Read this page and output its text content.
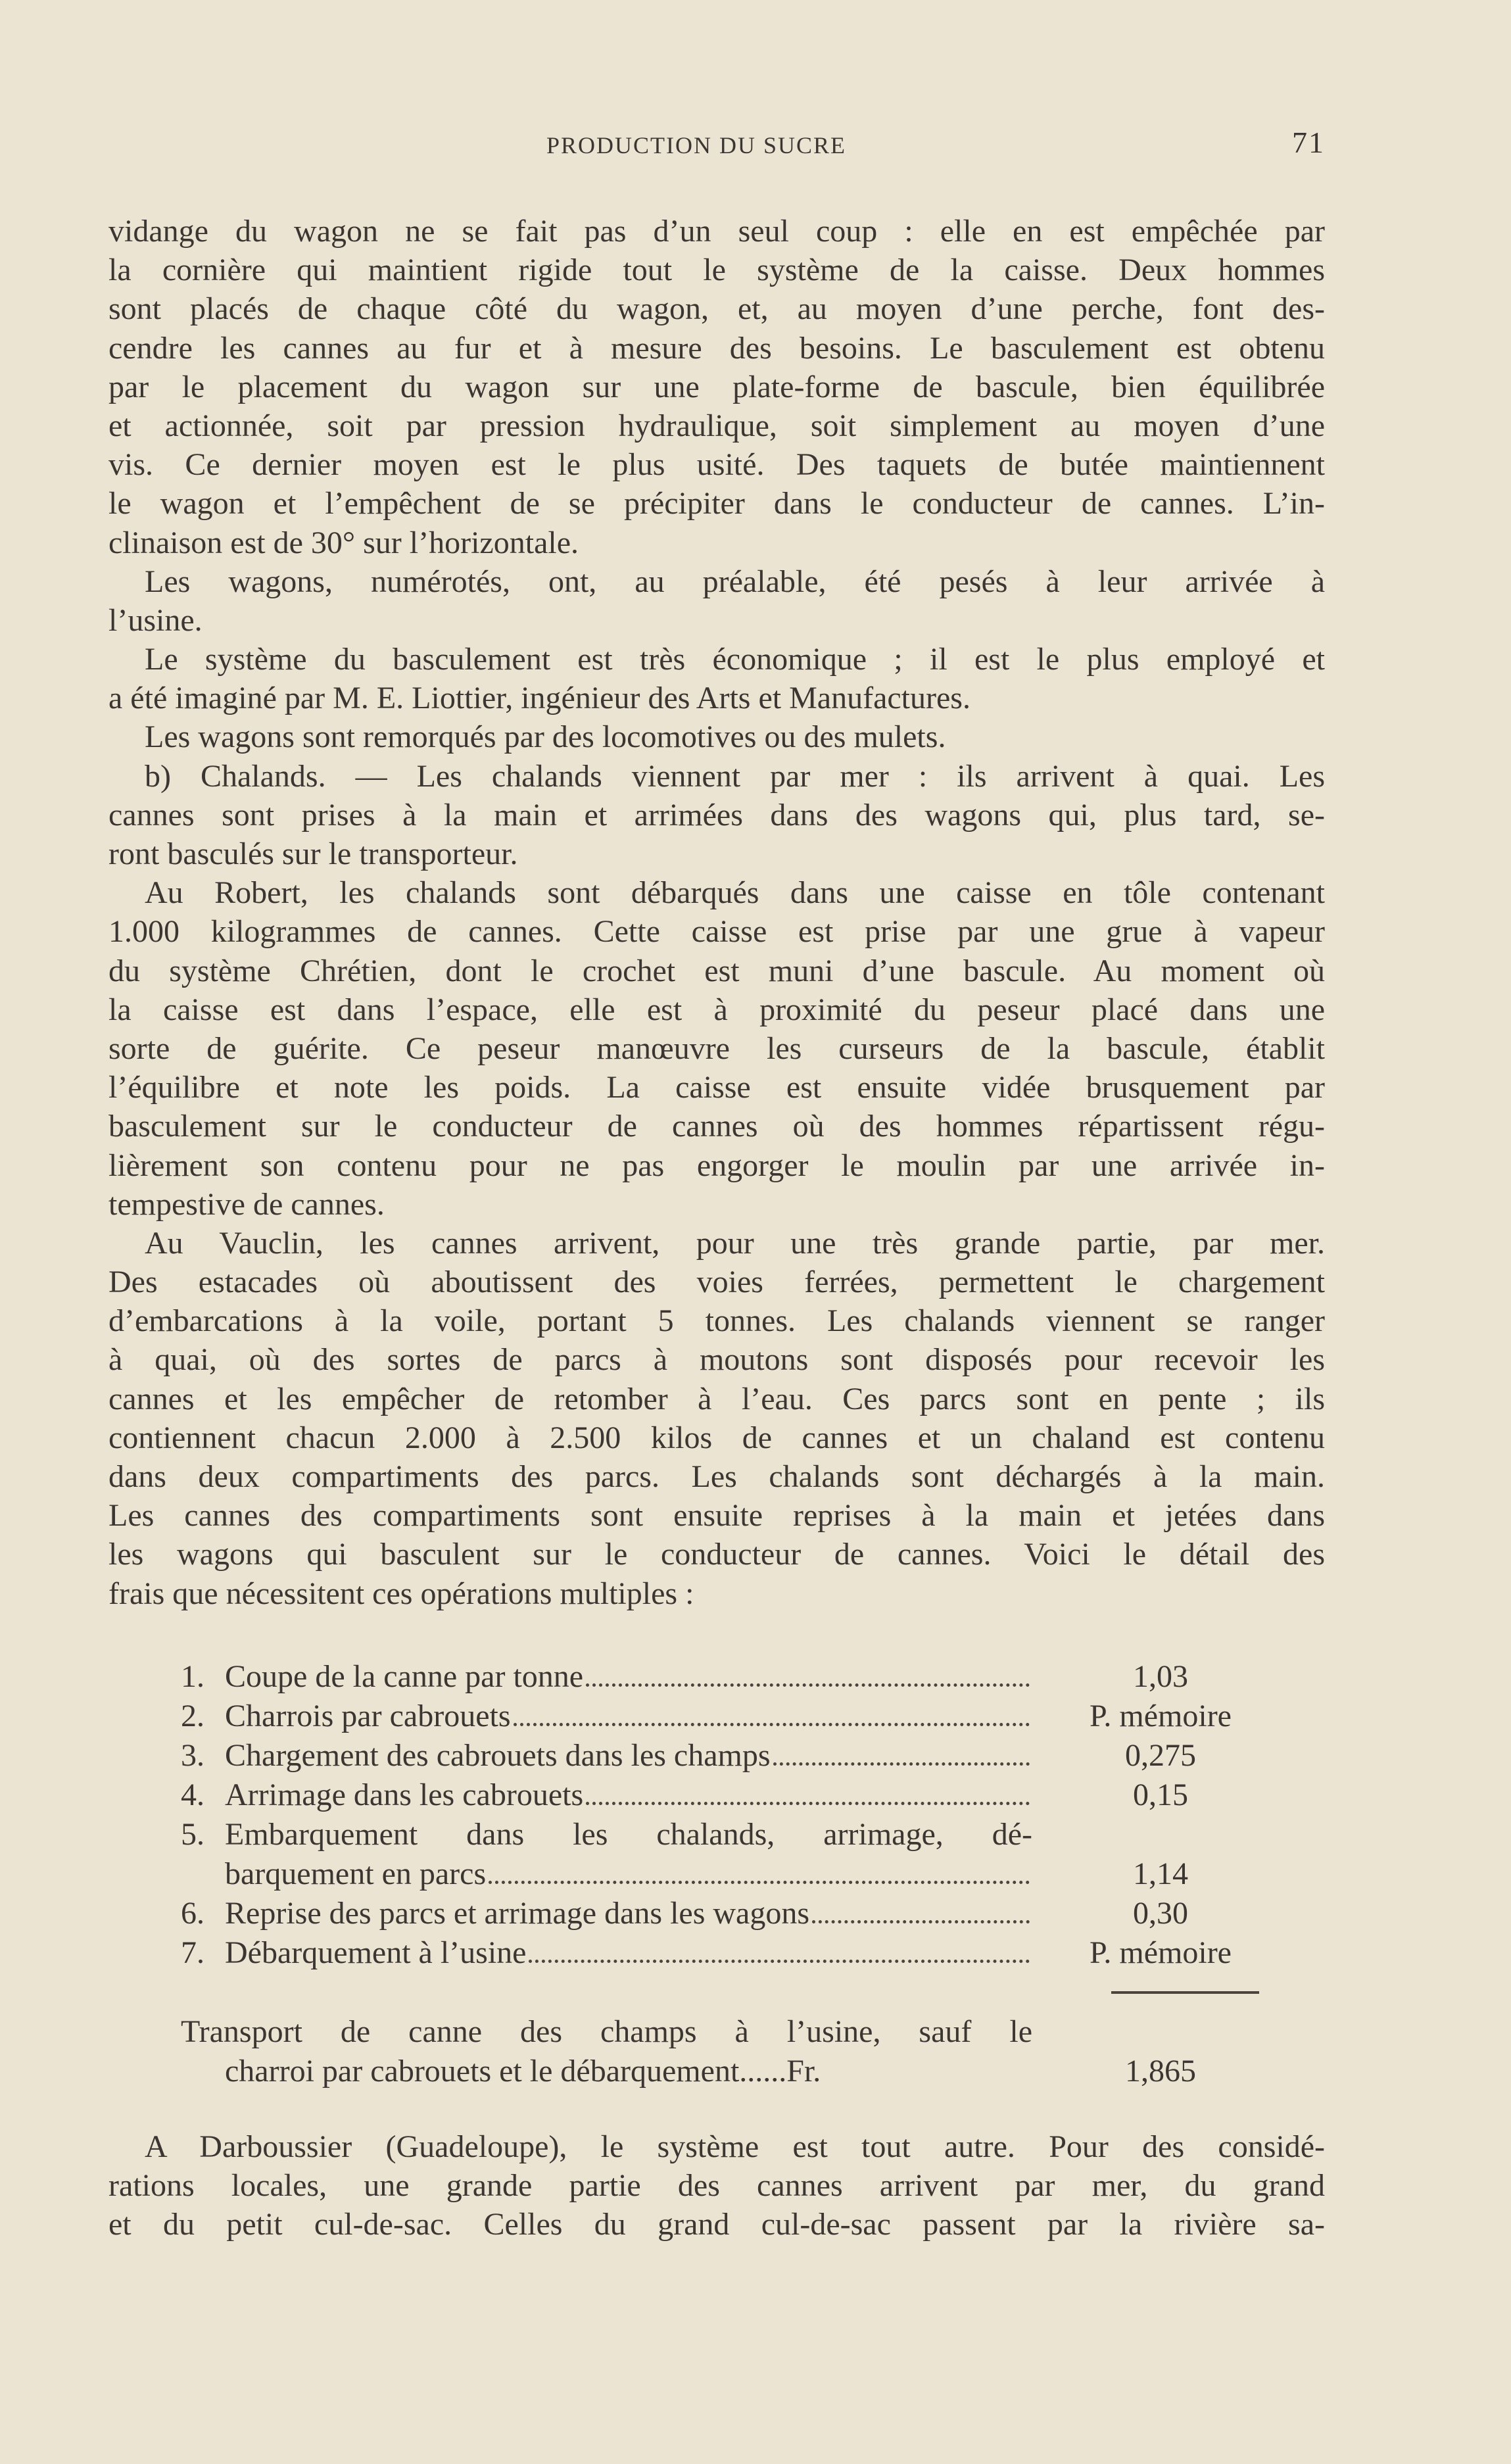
PRODUCTION DU SUCRE	71
vidange du wagon ne se fait pas d’un seul coup : elle en est empêchée par
la cornière qui maintient rigide tout le système de la caisse. Deux hommes
sont placés de chaque côté du wagon, et, au moyen d’une perche, font des-
cendre les cannes au fur et à mesure des besoins. Le basculement est obtenu
par le placement du wagon sur une plate-forme de bascule, bien équilibrée
et actionnée, soit par pression hydraulique, soit simplement au moyen d’une
vis. Ce dernier moyen est le plus usité. Des taquets de butée maintiennent
le wagon et l’empêchent de se précipiter dans le conducteur de cannes. L’in-
clinaison est de 30° sur l’horizontale.
Les wagons, numérotés, ont, au préalable, été pesés à leur arrivée à
l’usine.
Le système du basculement est très économique ; il est le plus employé et
a été imaginé par M. E. Liottier, ingénieur des Arts et Manufactures.
Les wagons sont remorqués par des locomotives ou des mulets.
b) Chalands. — Les chalands viennent par mer : ils arrivent à quai. Les
cannes sont prises à la main et arrimées dans des wagons qui, plus tard, se-
ront basculés sur le transporteur.
Au Robert, les chalands sont débarqués dans une caisse en tôle contenant
1.000 kilogrammes de cannes. Cette caisse est prise par une grue à vapeur
du système Chrétien, dont le crochet est muni d’une bascule. Au moment où
la caisse est dans l’espace, elle est à proximité du peseur placé dans une
sorte de guérite. Ce peseur manœuvre les curseurs de la bascule, établit
l’équilibre et note les poids. La caisse est ensuite vidée brusquement par
basculement sur le conducteur de cannes où des hommes répartissent régu-
lièrement son contenu pour ne pas engorger le moulin par une arrivée in-
tempestive de cannes.
Au Vauclin, les cannes arrivent, pour une très grande partie, par mer.
Des estacades où aboutissent des voies ferrées, permettent le chargement
d’embarcations à la voile, portant 5 tonnes. Les chalands viennent se ranger
à quai, où des sortes de parcs à moutons sont disposés pour recevoir les
cannes et les empêcher de retomber à l’eau. Ces parcs sont en pente ; ils
contiennent chacun 2.000 à 2.500 kilos de cannes et un chaland est contenu
dans deux compartiments des parcs. Les chalands sont déchargés à la main.
Les cannes des compartiments sont ensuite reprises à la main et jetées dans
les wagons qui basculent sur le conducteur de cannes. Voici le détail des
frais que nécessitent ces opérations multiples :
1. Coupe de la canne par tonne	1,03
2. Charrois par cabrouets	P. mémoire
3. Chargement des cabrouets dans les champs	0,275
4. Arrimage dans les cabrouets	0,15
5. Embarquement dans les chalands, arrimage, dé-
barquement en parcs	1,14
6. Reprise des parcs et arrimage dans les wagons	0,30
7. Débarquement à l’usine	P. mémoire
Transport de canne des champs à l’usine, sauf le
charroi par cabrouets et le débarquement......Fr.	1,865
A Darboussier (Guadeloupe), le système est tout autre. Pour des considé-
rations locales, une grande partie des cannes arrivent par mer, du grand
et du petit cul-de-sac. Celles du grand cul-de-sac passent par la rivière sa-
